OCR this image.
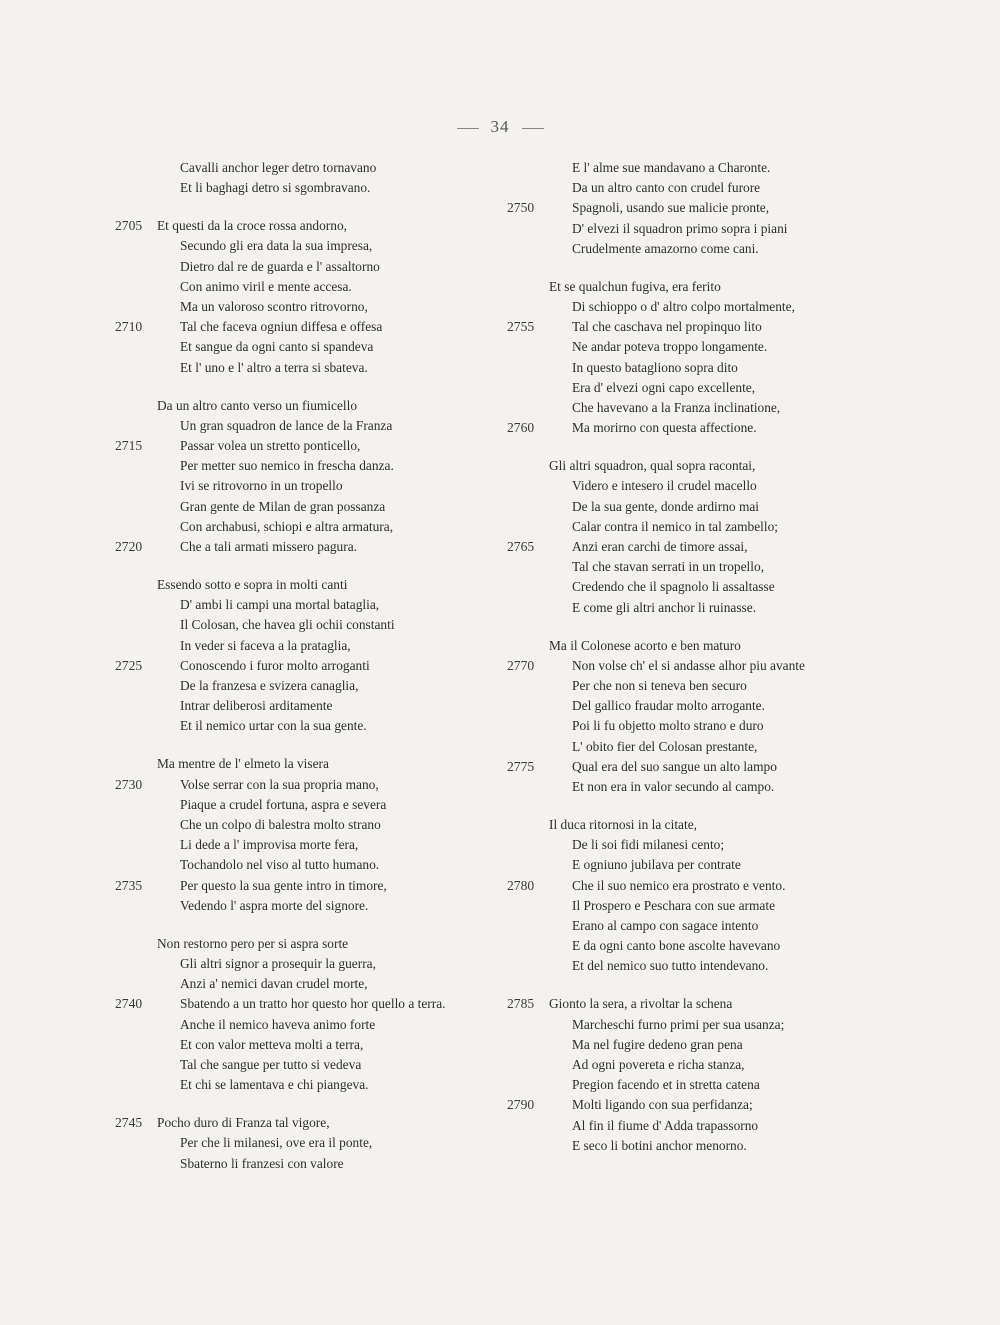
34
Cavalli anchor leger detro tornavano
Et li baghagi detro si sgombravano.
2705 Et questi da la croce rossa andorno,
Secundo gli era data la sua impresa,
Dietro dal re de guarda e l' assaltorno
Con animo viril e mente accesa.
Ma un valoroso scontro ritrovorno,
2710	Tal che faceva ogniun diffesa e offesa
Et sangue da ogni canto si spandeva
Et l' uno e l' altro a terra si sbateva.
Da un altro canto verso un fiumicello
Un gran squadron de lance de la Franza
2715	Passar volea un stretto ponticello,
Per metter suo nemico in frescha danza.
Ivi se ritrovorno in un tropello
Gran gente de Milan de gran possanza
Con archabusi, schiopi e altra armatura,
2720	Che a tali armati missero pagura.
Essendo sotto e sopra in molti canti
D' ambi li campi una mortal bataglia,
Il Colosan, che havea gli ochii constanti
In veder si faceva a la prataglia,
2725	Conoscendo i furor molto arroganti
De la franzesa e svizera canaglia,
Intrar deliberosi arditamente
Et il nemico urtar con la sua gente.
Ma mentre de l' elmeto la visera
2730	Volse serrar con la sua propria mano,
Piaque a crudel fortuna, aspra e severa
Che un colpo di balestra molto strano
Li dede a l' improvisa morte fera,
Tochandolo nel viso al tutto humano.
2735	Per questo la sua gente intro in timore,
Vedendo l' aspra morte del signore.
Non restorno pero per si aspra sorte
Gli altri signor a prosequir la guerra,
Anzi a' nemici davan crudel morte,
2740	Sbatendo a un tratto hor questo hor quello a terra.
Anche il nemico haveva animo forte
Et con valor metteva molti a terra,
Tal che sangue per tutto si vedeva
Et chi se lamentava e chi piangeva.
2745 Pocho duro di Franza tal vigore,
Per che li milanesi, ove era il ponte,
Sbaterno li franzesi con valore
E l' alme sue mandavano a Charonte.
Da un altro canto con crudel furore
2750	Spagnoli, usando sue malicie pronte,
D' elvezi il squadron primo sopra i piani
Crudelmente amazorno come cani.
Et se qualchun fugiva, era ferito
Di schioppo o d' altro colpo mortalmente,
2755	Tal che caschava nel propinquo lito
Ne andar poteva troppo longamente.
In questo batagliono sopra dito
Era d' elvezi ogni capo excellente,
Che havevano a la Franza inclinatione,
2760	Ma morirno con questa affectione.
Gli altri squadron, qual sopra racontai,
Videro e intesero il crudel macello
De la sua gente, donde ardirno mai
Calar contra il nemico in tal zambello;
2765	Anzi eran carchi de timore assai,
Tal che stavan serrati in un tropello,
Credendo che il spagnolo li assaltasse
E come gli altri anchor li ruinasse.
Ma il Colonese acorto e ben maturo
2770	Non volse ch' el si andasse alhor piu avante
Per che non si teneva ben securo
Del gallico fraudar molto arrogante.
Poi li fu objetto molto strano e duro
L' obito fier del Colosan prestante,
2775	Qual era del suo sangue un alto lampo
Et non era in valor secundo al campo.
Il duca ritornosi in la citate,
De li soi fidi milanesi cento;
E ogniuno jubilava per contrate
2780	Che il suo nemico era prostrato e vento.
Il Prospero e Peschara con sue armate
Erano al campo con sagace intento
E da ogni canto bone ascolte havevano
Et del nemico suo tutto intendevano.
2785 Gionto la sera, a rivoltar la schena
Marcheschi furno primi per sua usanza;
Ma nel fugire dedeno gran pena
Ad ogni povereta e richa stanza,
Pregion facendo et in stretta catena
2790	Molti ligando con sua perfidanza;
Al fin il fiume d' Adda trapassorno
E seco li botini anchor menorno.
